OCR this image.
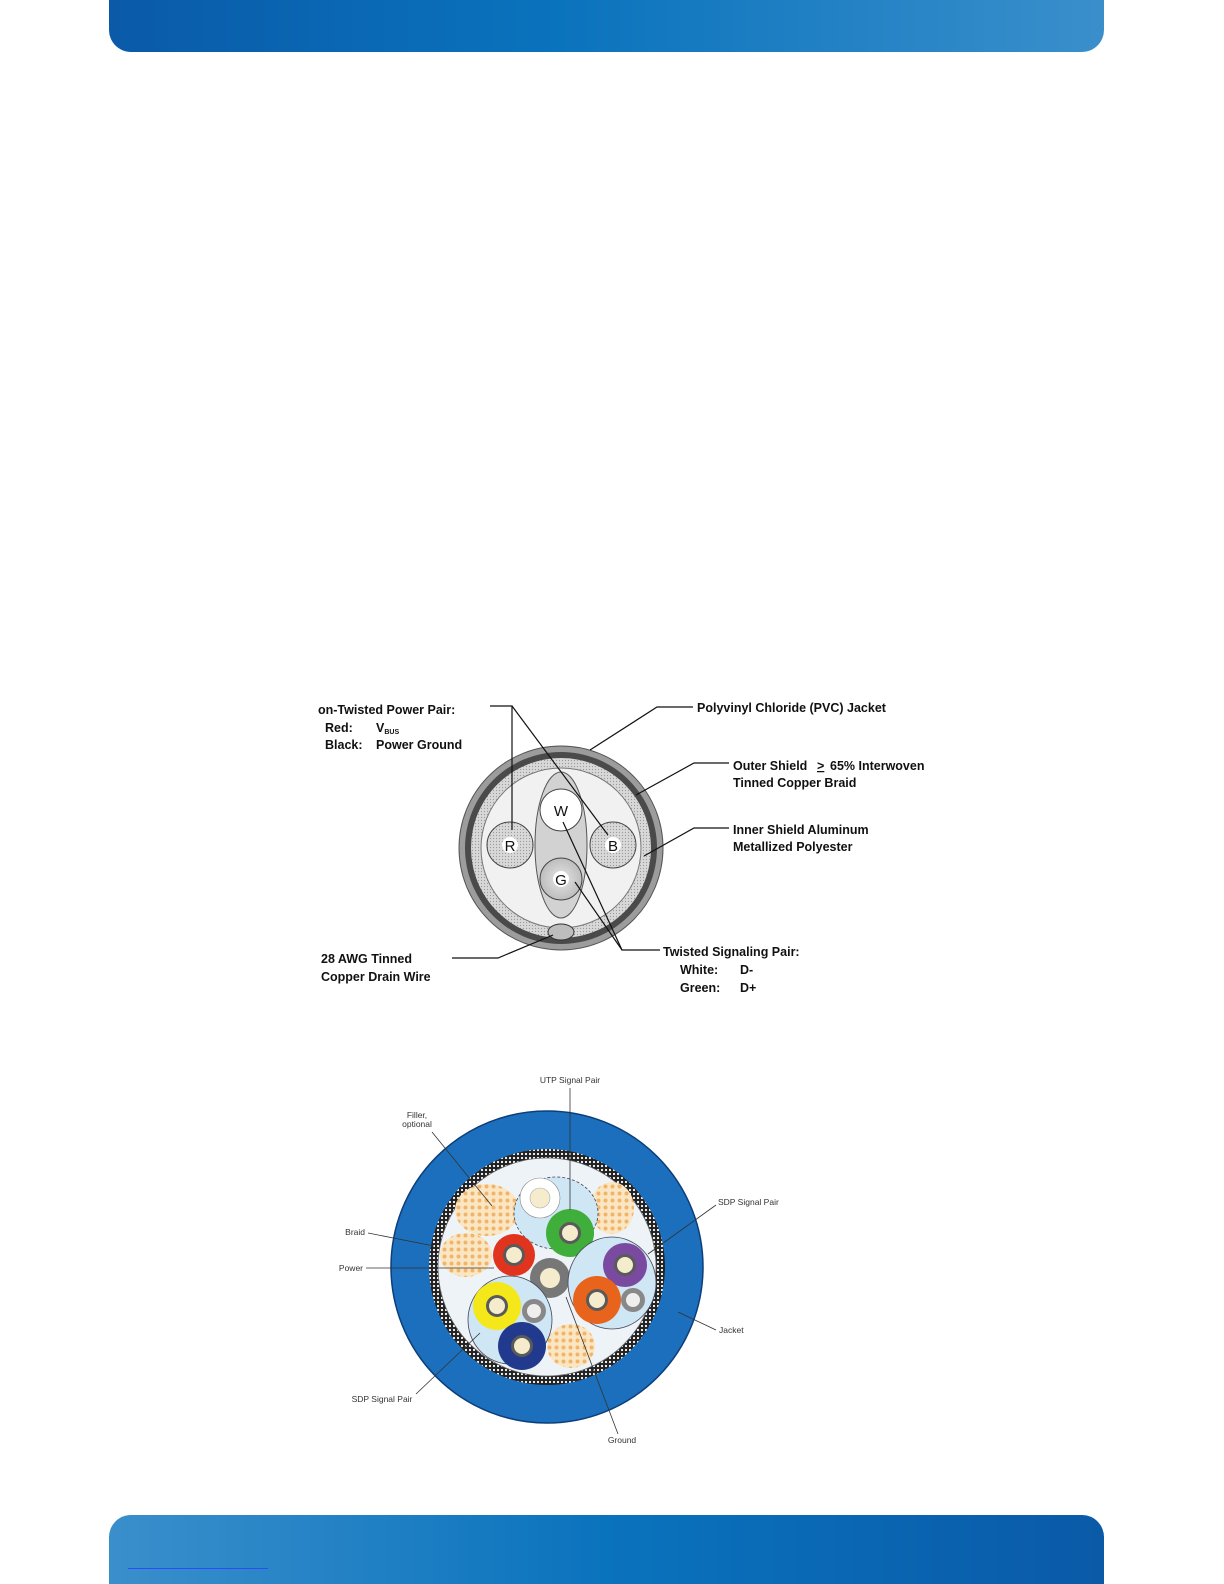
R	B
W
G
on-Twisted Power Pair:
Red: VBUS
Black: Power Ground
Polyvinyl Chloride (PVC) Jacket
Outer Shield > 65% Interwoven
Tinned Copper Braid
Inner Shield Aluminum
Metallized Polyester
28 AWG Tinned
Copper Drain Wire
Twisted Signaling Pair:
White: D-
Green: D+
UTP Signal Pair
Filler,
optional
SDP Signal Pair
Braid
Power
Jacket
SDP Signal Pair
Ground
